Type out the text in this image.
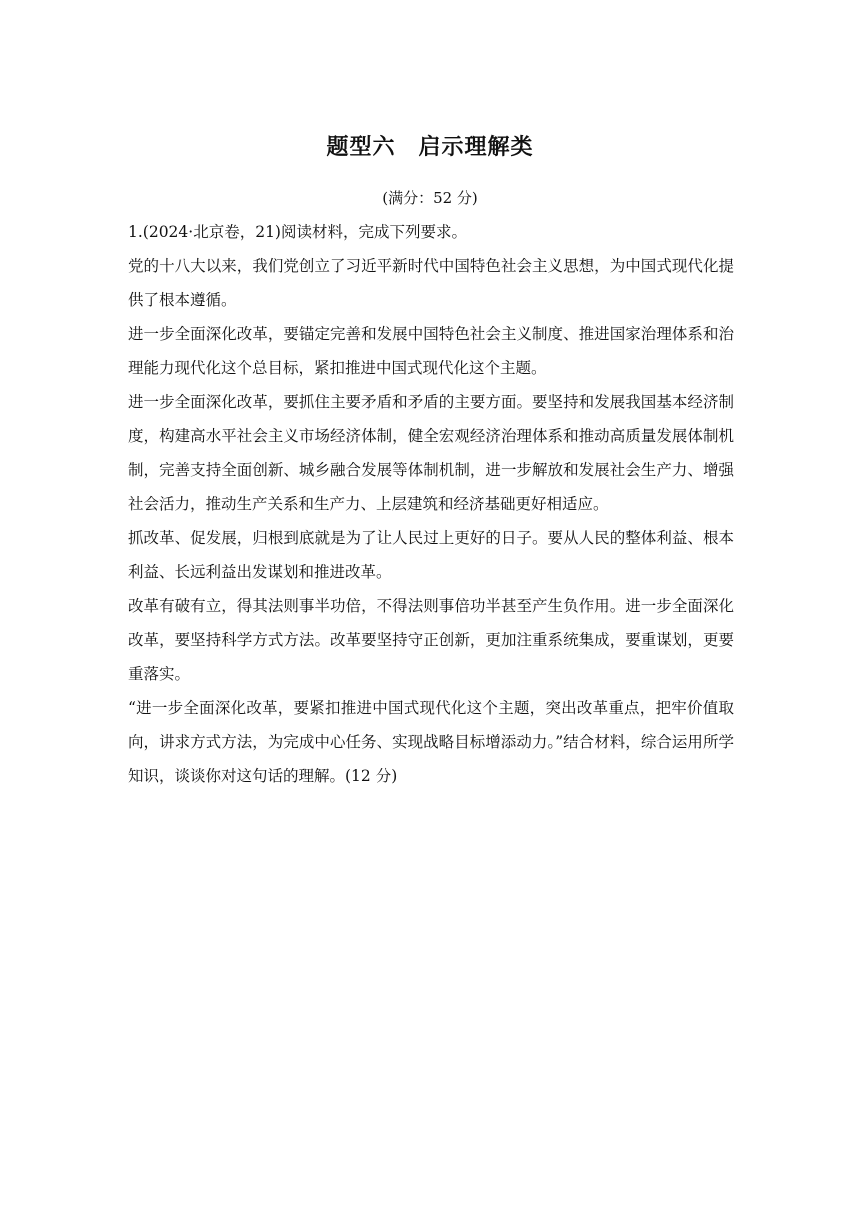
题型六　启示理解类
(满分：52 分)

1.(2024·北京卷，21)阅读材料，完成下列要求。

党的十八大以来，我们党创立了习近平新时代中国特色社会主义思想，为中国式现代化提供了根本遵循。

进一步全面深化改革，要锚定完善和发展中国特色社会主义制度、推进国家治理体系和治理能力现代化这个总目标，紧扣推进中国式现代化这个主题。

进一步全面深化改革，要抓住主要矛盾和矛盾的主要方面。要坚持和发展我国基本经济制度，构建高水平社会主义市场经济体制，健全宏观经济治理体系和推动高质量发展体制机制，完善支持全面创新、城乡融合发展等体制机制，进一步解放和发展社会生产力、增强社会活力，推动生产关系和生产力、上层建筑和经济基础更好相适应。

抓改革、促发展，归根到底就是为了让人民过上更好的日子。要从人民的整体利益、根本利益、长远利益出发谋划和推进改革。

改革有破有立，得其法则事半功倍，不得法则事倍功半甚至产生负作用。进一步全面深化改革，要坚持科学方式方法。改革要坚持守正创新，更加注重系统集成，要重谋划，更要重落实。

“进一步全面深化改革，要紧扣推进中国式现代化这个主题，突出改革重点，把牢价值取向，讲求方式方法，为完成中心任务、实现战略目标增添动力。”结合材料，综合运用所学知识，谈谈你对这句话的理解。(12 分)
